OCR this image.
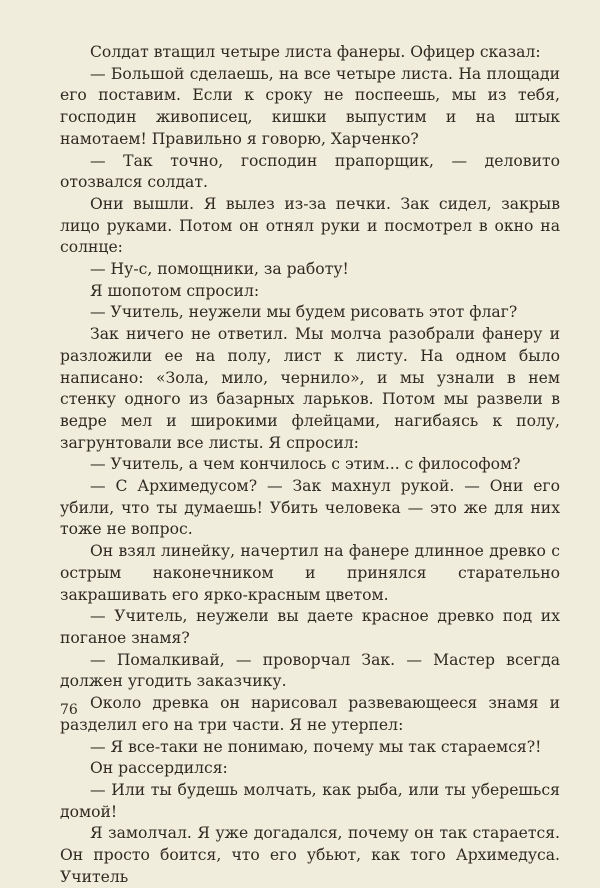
Солдат втащил четыре листа фанеры. Офицер сказал:

— Большой сделаешь, на все четыре листа. На площади его поставим. Если к сроку не поспеешь, мы из тебя, господин живописец, кишки выпустим и на штык намотаем! Правильно я говорю, Харченко?

— Так точно, господин прапорщик, — деловито отозвался солдат.

Они вышли. Я вылез из-за печки. Зак сидел, закрыв лицо руками. Потом он отнял руки и посмотрел в окно на солнце:

— Ну-с, помощники, за работу!

Я шопотом спросил:

— Учитель, неужели мы будем рисовать этот флаг?

Зак ничего не ответил. Мы молча разобрали фанеру и разложили ее на полу, лист к листу. На одном было написано: «Зола, мило, чернило», и мы узнали в нем стенку одного из базарных ларьков. Потом мы развели в ведре мел и широкими флейцами, нагибаясь к полу, загрунтовали все листы. Я спросил:

— Учитель, а чем кончилось с этим... с философом?

— С Архимедусом? — Зак махнул рукой. — Они его убили, что ты думаешь! Убить человека — это же для них тоже не вопрос.

Он взял линейку, начертил на фанере длинное древко с острым наконечником и принялся старательно закрашивать его ярко-красным цветом.

— Учитель, неужели вы даете красное древко под их поганое знамя?

— Помалкивай, — проворчал Зак. — Мастер всегда должен угодить заказчику.

Около древка он нарисовал развевающееся знамя и разделил его на три части. Я не утерпел:

— Я все-таки не понимаю, почему мы так стараемся?!

Он рассердился:

— Или ты будешь молчать, как рыба, или ты уберешься домой!

Я замолчал. Я уже догадался, почему он так старается. Он просто боится, что его убьют, как того Архимедуса. Учитель

76
